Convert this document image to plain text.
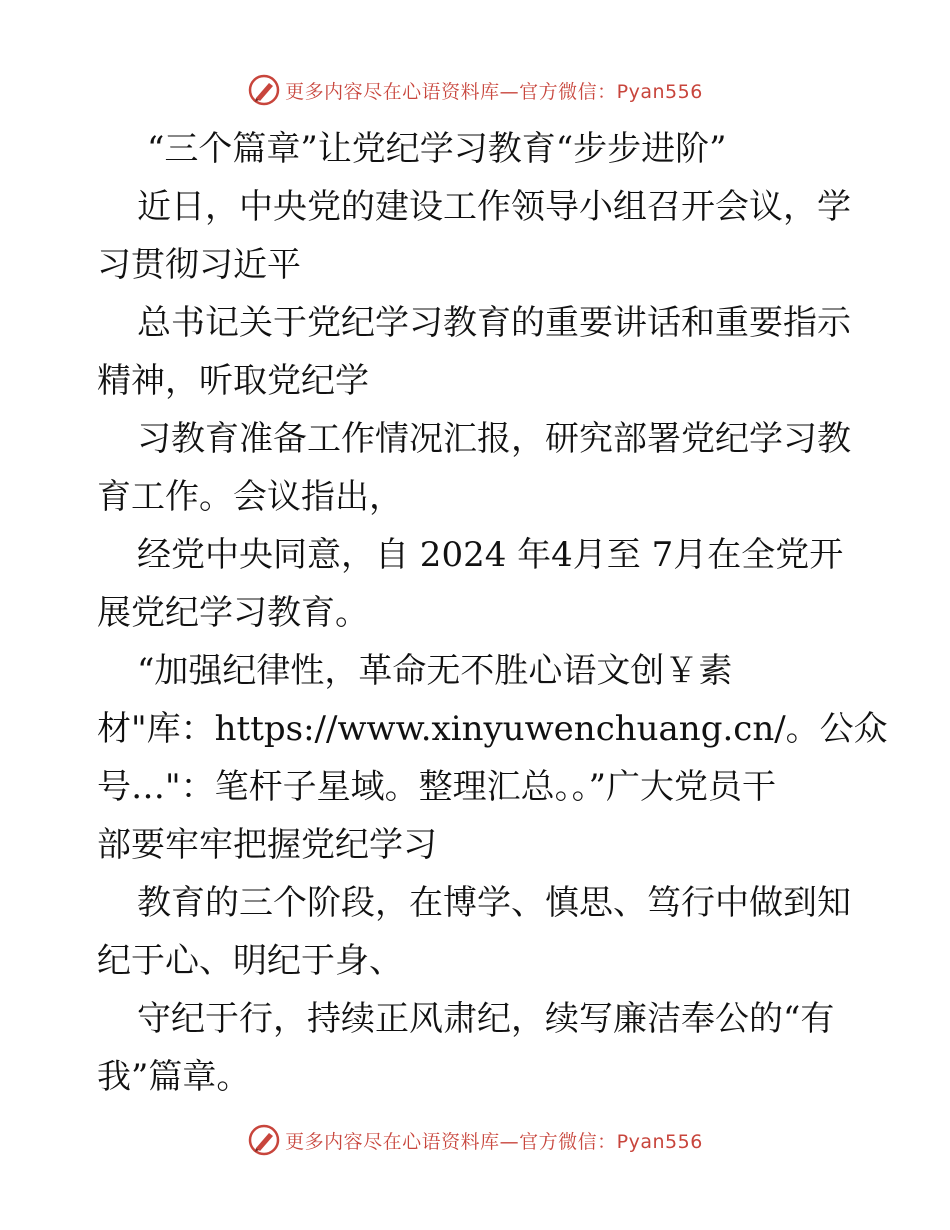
更多内容尽在心语资料库—官方微信：Pyan556
“三个篇章”让党纪学习教育“步步进阶”
近日，中央党的建设工作领导小组召开会议，学
习贯彻习近平
总书记关于党纪学习教育的重要讲话和重要指示
精神，听取党纪学
习教育准备工作情况汇报，研究部署党纪学习教
育工作。会议指出，
经党中央同意，自 2024 年4月至 7月在全党开
展党纪学习教育。
“加强纪律性，革命无不胜心语文创￥素
材"库：https://www.xinyuwenchuang.cn/。公众
号…"：笔杆子星域。整理汇总。。”广大党员干
部要牢牢把握党纪学习
教育的三个阶段，在博学、慎思、笃行中做到知
纪于心、明纪于身、
守纪于行，持续正风肃纪，续写廉洁奉公的“有
我”篇章。
更多内容尽在心语资料库—官方微信：Pyan556
